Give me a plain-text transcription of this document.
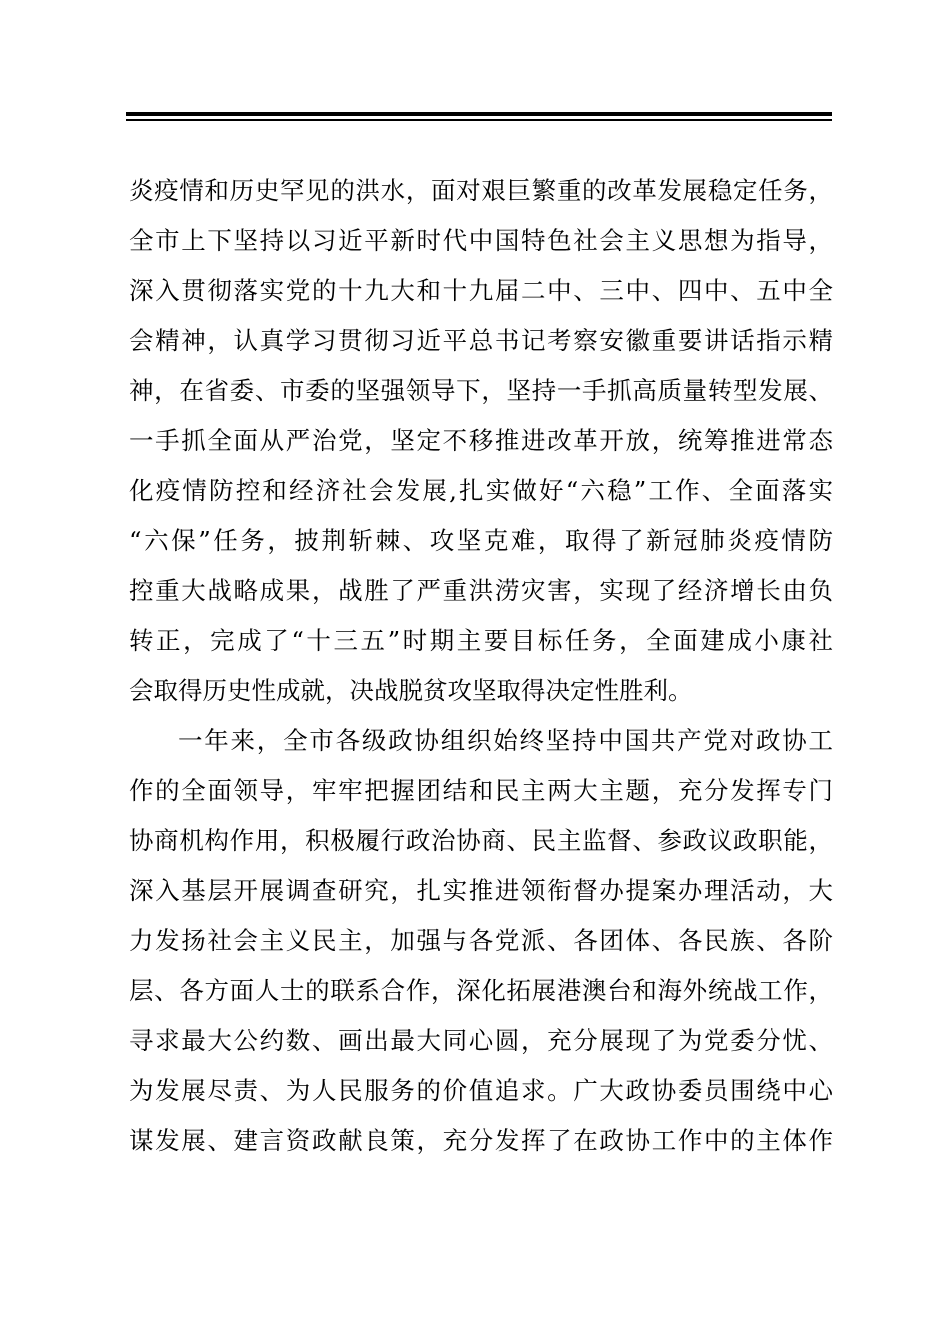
炎疫情和历史罕见的洪水，面对艰巨繁重的改革发展稳定任务，
全市上下坚持以习近平新时代中国特色社会主义思想为指导，
深入贯彻落实党的十九大和十九届二中、三中、四中、五中全
会精神，认真学习贯彻习近平总书记考察安徽重要讲话指示精
神，在省委、市委的坚强领导下，坚持一手抓高质量转型发展、
一手抓全面从严治党，坚定不移推进改革开放，统筹推进常态
化疫情防控和经济社会发展,扎实做好“六稳”工作、全面落实
“六保”任务，披荆斩棘、攻坚克难，取得了新冠肺炎疫情防
控重大战略成果，战胜了严重洪涝灾害，实现了经济增长由负
转正，完成了“十三五”时期主要目标任务，全面建成小康社
会取得历史性成就，决战脱贫攻坚取得决定性胜利。
一年来，全市各级政协组织始终坚持中国共产党对政协工
作的全面领导，牢牢把握团结和民主两大主题，充分发挥专门
协商机构作用，积极履行政治协商、民主监督、参政议政职能，
深入基层开展调查研究，扎实推进领衔督办提案办理活动，大
力发扬社会主义民主，加强与各党派、各团体、各民族、各阶
层、各方面人士的联系合作，深化拓展港澳台和海外统战工作，
寻求最大公约数、画出最大同心圆，充分展现了为党委分忧、
为发展尽责、为人民服务的价值追求。广大政协委员围绕中心
谋发展、建言资政献良策，充分发挥了在政协工作中的主体作
